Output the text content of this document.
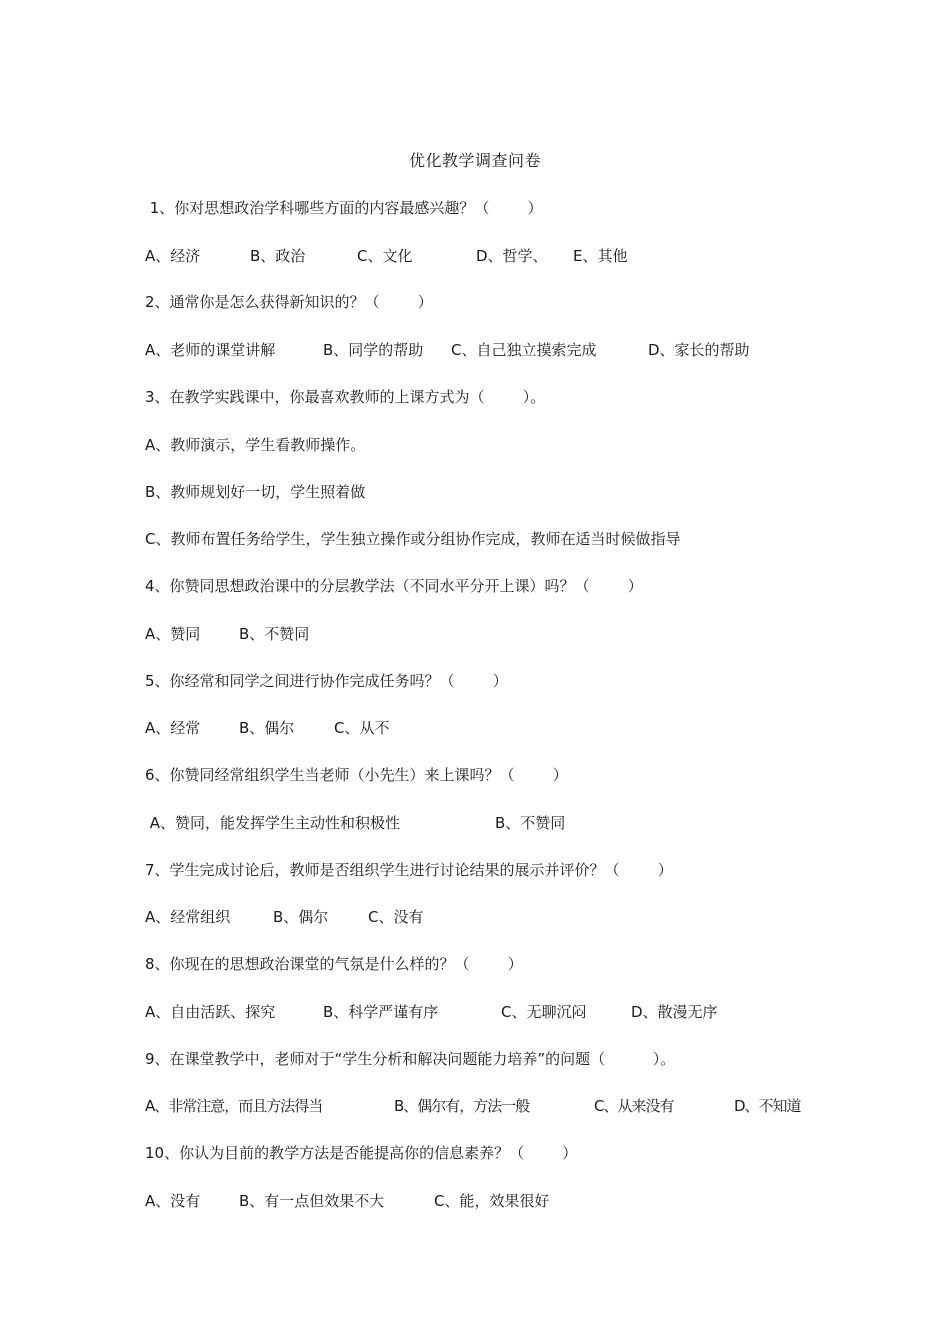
优化教学调查问卷
1、你对思想政治学科哪些方面的内容最感兴趣？（        ）
A、经济	B、政治	C、文化	D、哲学、 E、其他
2、通常你是怎么获得新知识的？（        ）
A、老师的课堂讲解	B、同学的帮助 C、自己独立摸索完成	D、家长的帮助
3、在教学实践课中，你最喜欢教师的上课方式为（        ）。
A、教师演示，学生看教师操作。
B、教师规划好一切，学生照着做
C、教师布置任务给学生，学生独立操作或分组协作完成，教师在适当时候做指导
4、你赞同思想政治课中的分层教学法（不同水平分开上课）吗？（        ）
A、赞同	B、不赞同
5、你经常和同学之间进行协作完成任务吗？（        ）
A、经常	B、偶尔	C、从不
6、你赞同经常组织学生当老师（小先生）来上课吗？（        ）
A、赞同，能发挥学生主动性和积极性	B、不赞同
7、学生完成讨论后，教师是否组织学生进行讨论结果的展示并评价？（        ）
A、经常组织	B、偶尔	C、没有
8、你现在的思想政治课堂的气氛是什么样的？（        ）
A、自由活跃、探究	B、科学严谨有序	C、无聊沉闷	D、散漫无序
9、在课堂教学中，老师对于“学生分析和解决问题能力培养”的问题（          ）。
A、非常注意，而且方法得当	B、偶尔有，方法一般	C、从来没有	D、不知道
10、你认为目前的教学方法是否能提高你的信息素养？（        ）
A、没有	B、有一点但效果不大	C、能，效果很好
